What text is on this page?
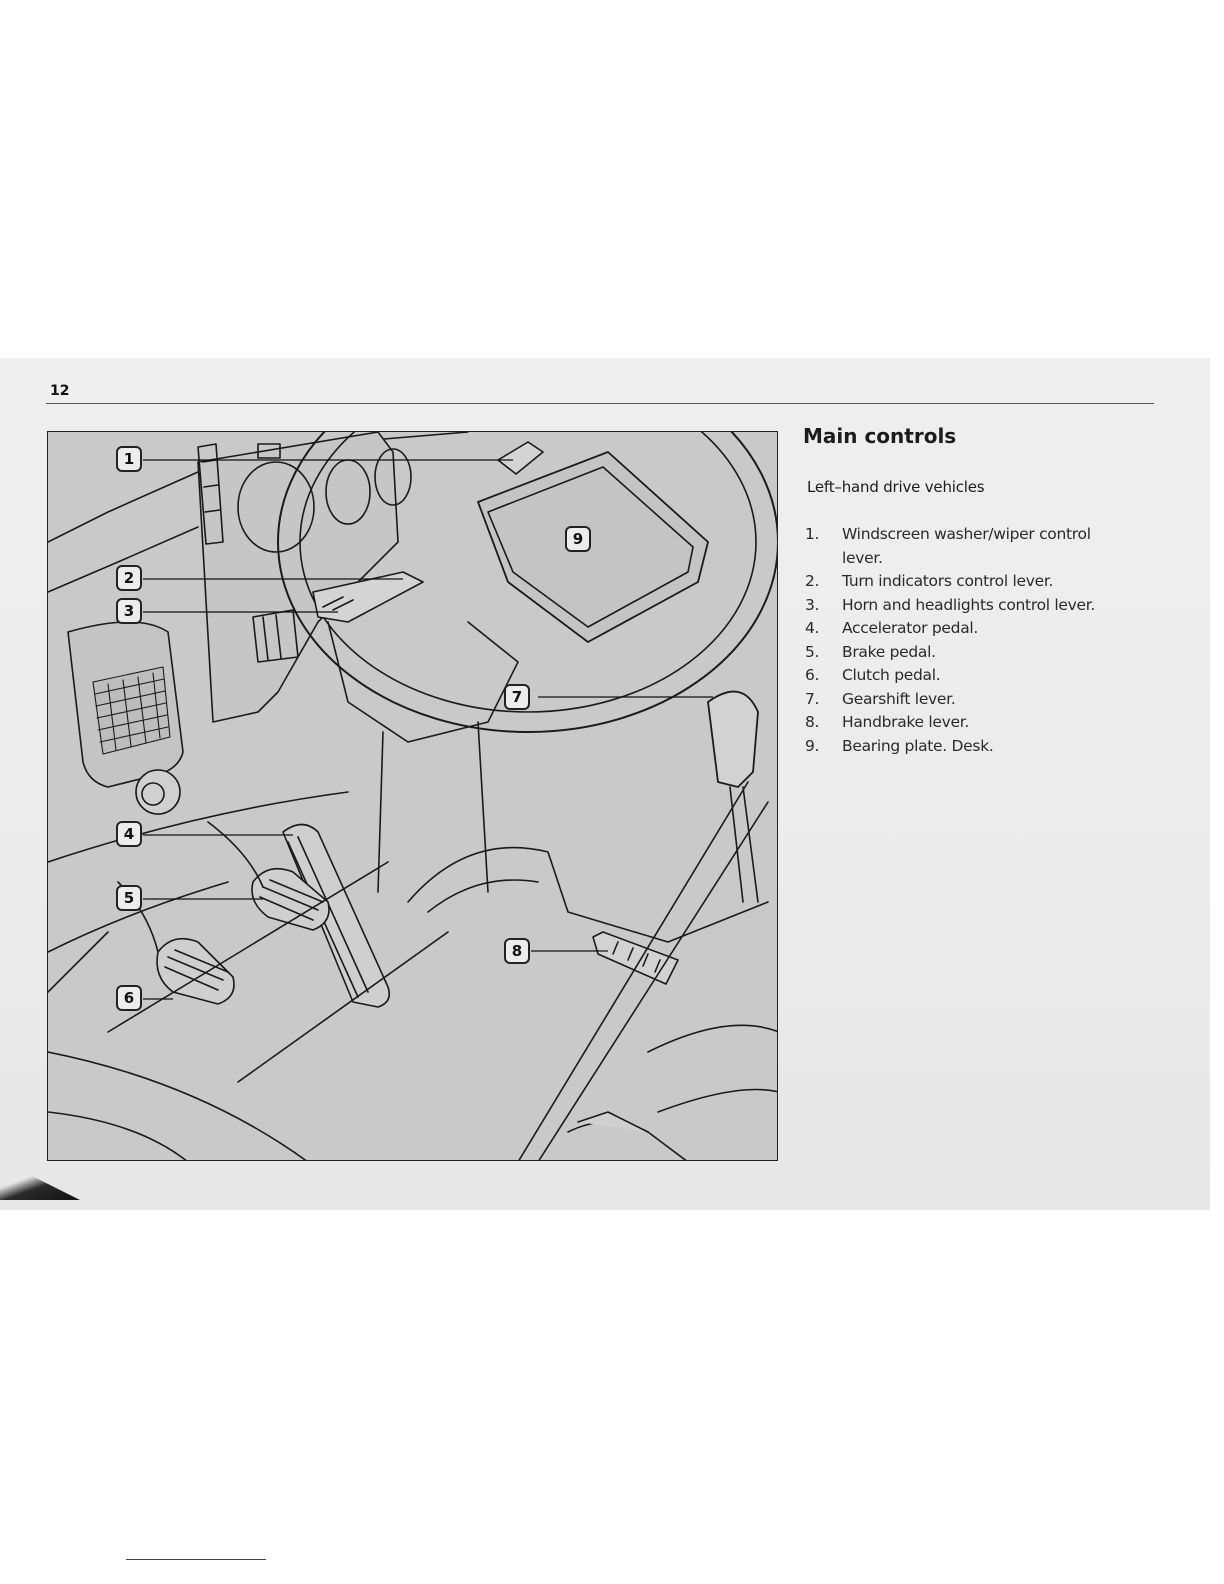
12
1
2
3
4
5
6
7
8
9
Main controls
Left–hand drive vehicles
1.	Windscreen washer/wiper control lever.
2.	Turn indicators control lever.
3.	Horn and headlights control lever.
4.	Accelerator pedal.
5.	Brake pedal.
6.	Clutch pedal.
7.	Gearshift lever.
8.	Handbrake lever.
9.	Bearing plate. Desk.
